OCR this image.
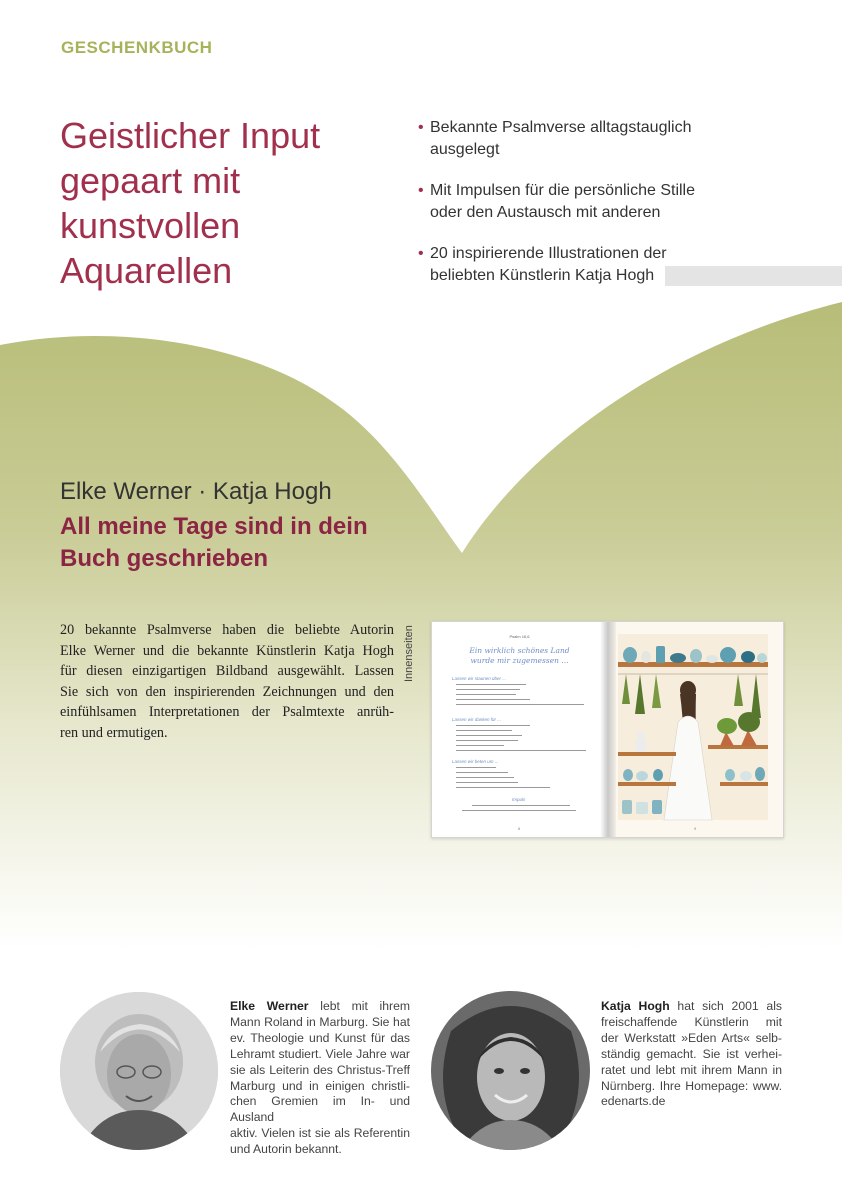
GESCHENKBUCH
Geistlicher Input
gepaart mit
kunstvollen
Aquarellen
• Bekannte Psalmverse alltagstauglich
ausgelegt
• Mit Impulsen für die persönliche Stille
oder den Austausch mit anderen
• 20 inspirierende Illustrationen der
beliebten Künstlerin Katja Hogh
Elke Werner · Katja Hogh
All meine Tage sind in dein
Buch geschrieben
20 bekannte Psalmverse haben die beliebte Autorin
Elke Werner und die bekannte Künstlerin Katja Hogh
für diesen einzigartigen Bildband ausgewählt. Lassen
Sie sich von den inspirierenden Zeichnungen und den
einfühlsamen Interpretationen der Psalmtexte anrüh-
ren und ermutigen.
Innenseiten	Psalm 16,6
Ein wirklich schönes Land
wurde mir zugemessen ...
Lassen wir staunen über ...
Lassen wir danken für ...
Lassen wir beten um ...
Impuls
8	9
Elke Werner lebt mit ihrem
Mann Roland in Marburg. Sie hat
ev. Theologie und Kunst für das
Lehramt studiert. Viele Jahre war
sie als Leiterin des Christus-Treff
Marburg und in einigen christli-
chen Gremien im In- und Ausland
aktiv. Vielen ist sie als Referentin
und Autorin bekannt.
Katja Hogh hat sich 2001 als
freischaffende Künstlerin mit
der Werkstatt »Eden Arts« selb-
ständig gemacht. Sie ist verhei-
ratet und lebt mit ihrem Mann in
Nürnberg. Ihre Homepage: www.
edenarts.de
